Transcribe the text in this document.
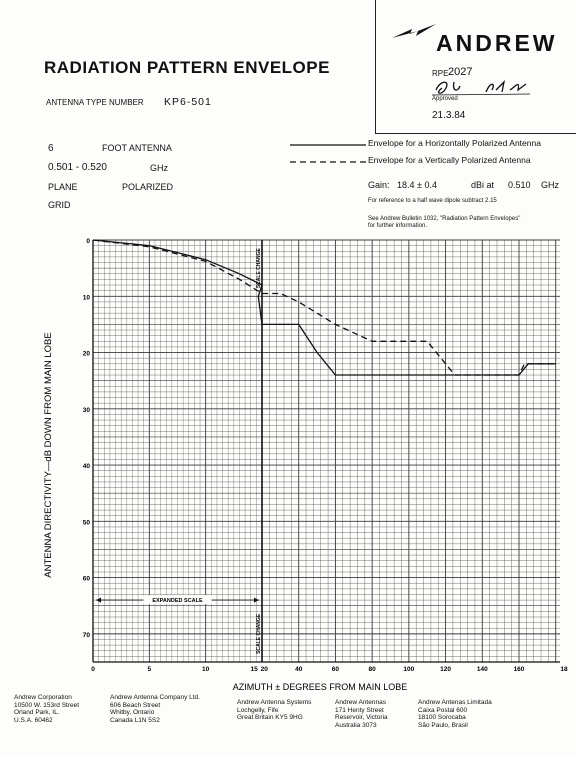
ANDREW
RADIATION PATTERN ENVELOPE
ANTENNA TYPE NUMBER KP6-501
RPE 2027
Approved
21.3.84
6	FOOT ANTENNA
0.501 - 0.520	GHz
PLANE	POLARIZED
GRID
Envelope for a Horizontally Polarized Antenna
Envelope for a Vertically Polarized Antenna
Gain: 18.4 ± 0.4	dBi at 0.510 GHz
For reference to a half wave dipole subtract 2.15
See Andrew Bulletin 1032, "Radiation Pattern Envelopes"
for further information.
0
10
20
30
40
50
60
70
0	5	10	15 20	40	60	80	100	120	140	160	18
SCALE CHANGE
EXPANDED SCALE
SCALE CHANGE
ANTENNA DIRECTIVITY—dB DOWN FROM MAIN LOBE
AZIMUTH ± DEGREES FROM MAIN LOBE
Andrew Corporation
10500 W. 153rd Street
Orland Park, IL.
U.S.A. 60462
Andrew Antenna Company Ltd.
606 Beach Street
Whitby, Ontario
Canada L1N 5S2
Andrew Antenna Systems
Lochgelly, Fife
Great Britain KY5 9HG
Andrew Antennas
171 Henty Street
Reservoir, Victoria
Australia 3073
Andrew Antenas Limitada
Caixa Postal 600
18100 Sorocaba
São Paulo, Brasil
